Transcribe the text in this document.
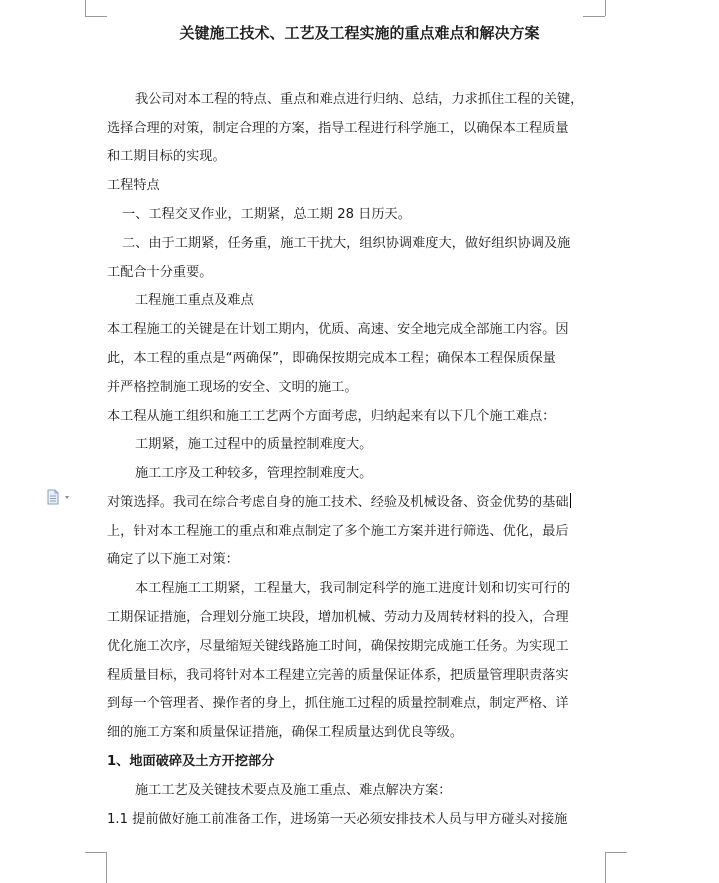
关键施工技术、工艺及工程实施的重点难点和解决方案

我公司对本工程的特点、重点和难点进行归纳、总结，力求抓住工程的关键，

选择合理的对策，制定合理的方案，指导工程进行科学施工，以确保本工程质量

和工期目标的实现。

工程特点

一、工程交叉作业，工期紧，总工期 28 日历天。

二、由于工期紧，任务重，施工干扰大，组织协调难度大，做好组织协调及施

工配合十分重要。

工程施工重点及难点

本工程施工的关键是在计划工期内，优质、高速、安全地完成全部施工内容。因

此，本工程的重点是“两确保”，即确保按期完成本工程；确保本工程保质保量

并严格控制施工现场的安全、文明的施工。

本工程从施工组织和施工工艺两个方面考虑，归纳起来有以下几个施工难点：

工期紧，施工过程中的质量控制难度大。

施工工序及工种较多，管理控制难度大。

对策选择。我司在综合考虑自身的施工技术、经验及机械设备、资金优势的基础

上，针对本工程施工的重点和难点制定了多个施工方案并进行筛选、优化，最后

确定了以下施工对策：

本工程施工工期紧，工程量大，我司制定科学的施工进度计划和切实可行的

工期保证措施，合理划分施工块段，增加机械、劳动力及周转材料的投入，合理

优化施工次序，尽量缩短关键线路施工时间，确保按期完成施工任务。为实现工

程质量目标，我司将针对本工程建立完善的质量保证体系，把质量管理职责落实

到每一个管理者、操作者的身上，抓住施工过程的质量控制难点，制定严格、详

细的施工方案和质量保证措施，确保工程质量达到优良等级。

1、地面破碎及土方开挖部分

施工工艺及关键技术要点及施工重点、难点解决方案：

1.1 提前做好施工前准备工作，进场第一天必须安排技术人员与甲方碰头对接施
